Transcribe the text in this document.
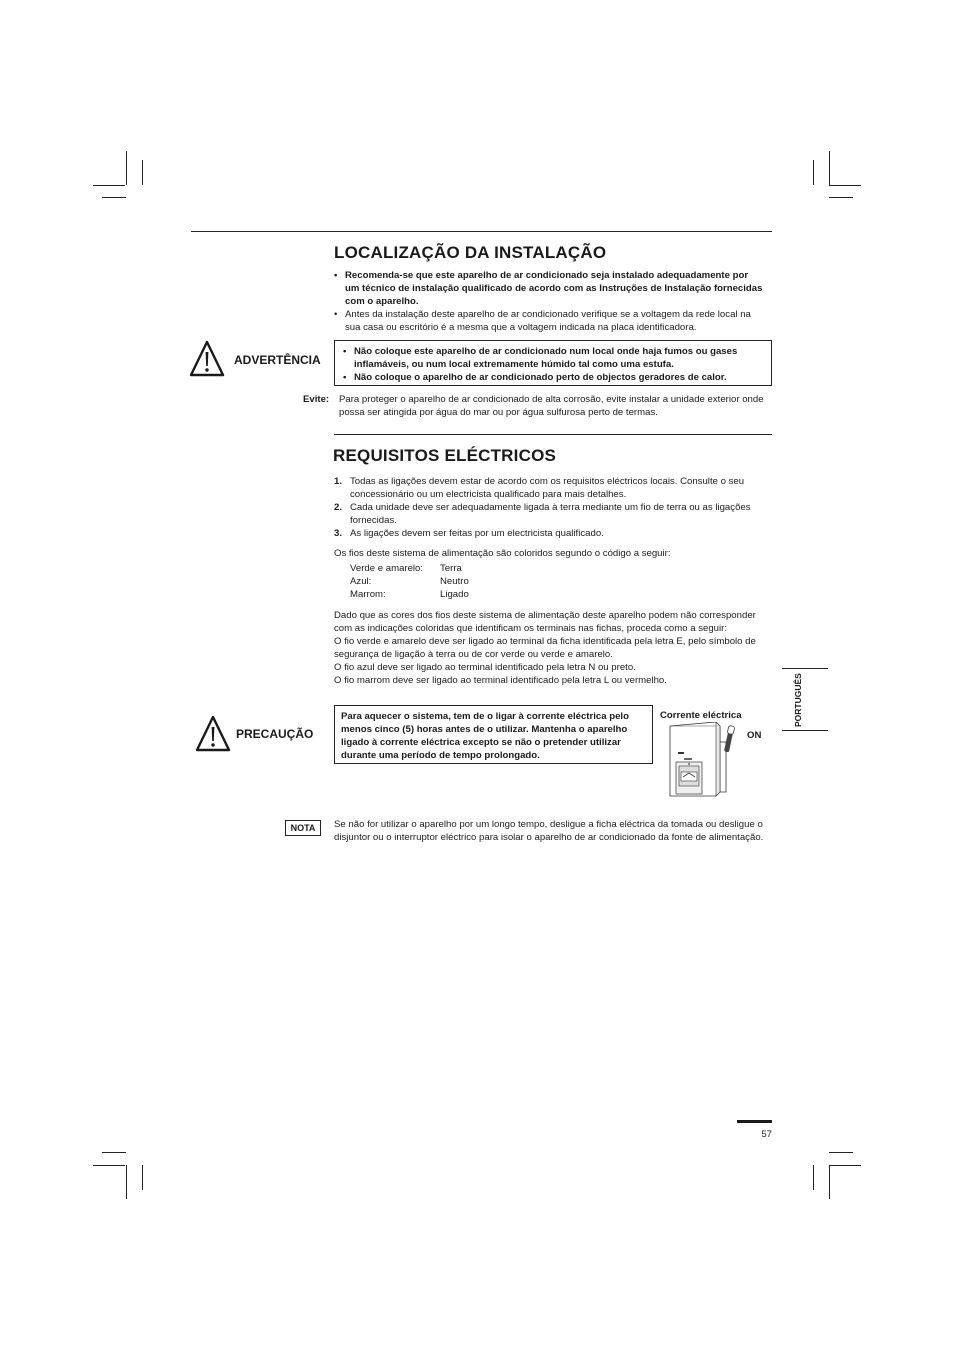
LOCALIZAÇÃO DA INSTALAÇÃO
• Recomenda-se que este aparelho de ar condicionado seja instalado adequadamente por um técnico de instalação qualificado de acordo com as Instruções de Instalação fornecidas com o aparelho.
• Antes da instalação deste aparelho de ar condicionado verifique se a voltagem da rede local na sua casa ou escritório é a mesma que a voltagem indicada na placa identificadora.
ADVERTÊNCIA
• Não coloque este aparelho de ar condicionado num local onde haja fumos ou gases inflamáveis, ou num local extremamente húmido tal como uma estufa.
• Não coloque o aparelho de ar condicionado perto de objectos geradores de calor.
Evite: Para proteger o aparelho de ar condicionado de alta corrosão, evite instalar a unidade exterior onde possa ser atingida por água do mar ou por água sulfurosa perto de termas.
REQUISITOS ELÉCTRICOS
1. Todas as ligações devem estar de acordo com os requisitos eléctricos locais. Consulte o seu concessionário ou um electricista qualificado para mais detalhes.
2. Cada unidade deve ser adequadamente ligada à terra mediante um fio de terra ou as ligações fornecidas.
3. As ligações devem ser feitas por um electricista qualificado.
Os fios deste sistema de alimentação são coloridos segundo o código a seguir:
Verde e amarelo:	Terra
Azul:	Neutro
Marrom:	Ligado

Dado que as cores dos fios deste sistema de alimentação deste aparelho podem não corresponder com as indicações coloridas que identificam os terminais nas fichas, proceda como a seguir:

O fio verde e amarelo deve ser ligado ao terminal da ficha identificada pela letra E, pelo símbolo de segurança de ligação à terra ou de cor verde ou verde e amarelo.

O fio azul deve ser ligado ao terminal identificado pela letra N ou preto.

O fio marrom deve ser ligado ao terminal identificado pela letra L ou vermelho.

PRECAUÇÃO
Para aquecer o sistema, tem de o ligar à corrente eléctrica pelo menos cinco (5) horas antes de o utilizar. Mantenha o aparelho ligado à corrente eléctrica excepto se não o pretender utilizar durante uma período de tempo prolongado.
Corrente eléctrica
ON
PORTUGUÊS
NOTA	Se não for utilizar o aparelho por um longo tempo, desligue a ficha eléctrica da tomada ou desligue o disjuntor ou o interruptor eléctrico para isolar o aparelho de ar condicionado da fonte de alimentação.
57
